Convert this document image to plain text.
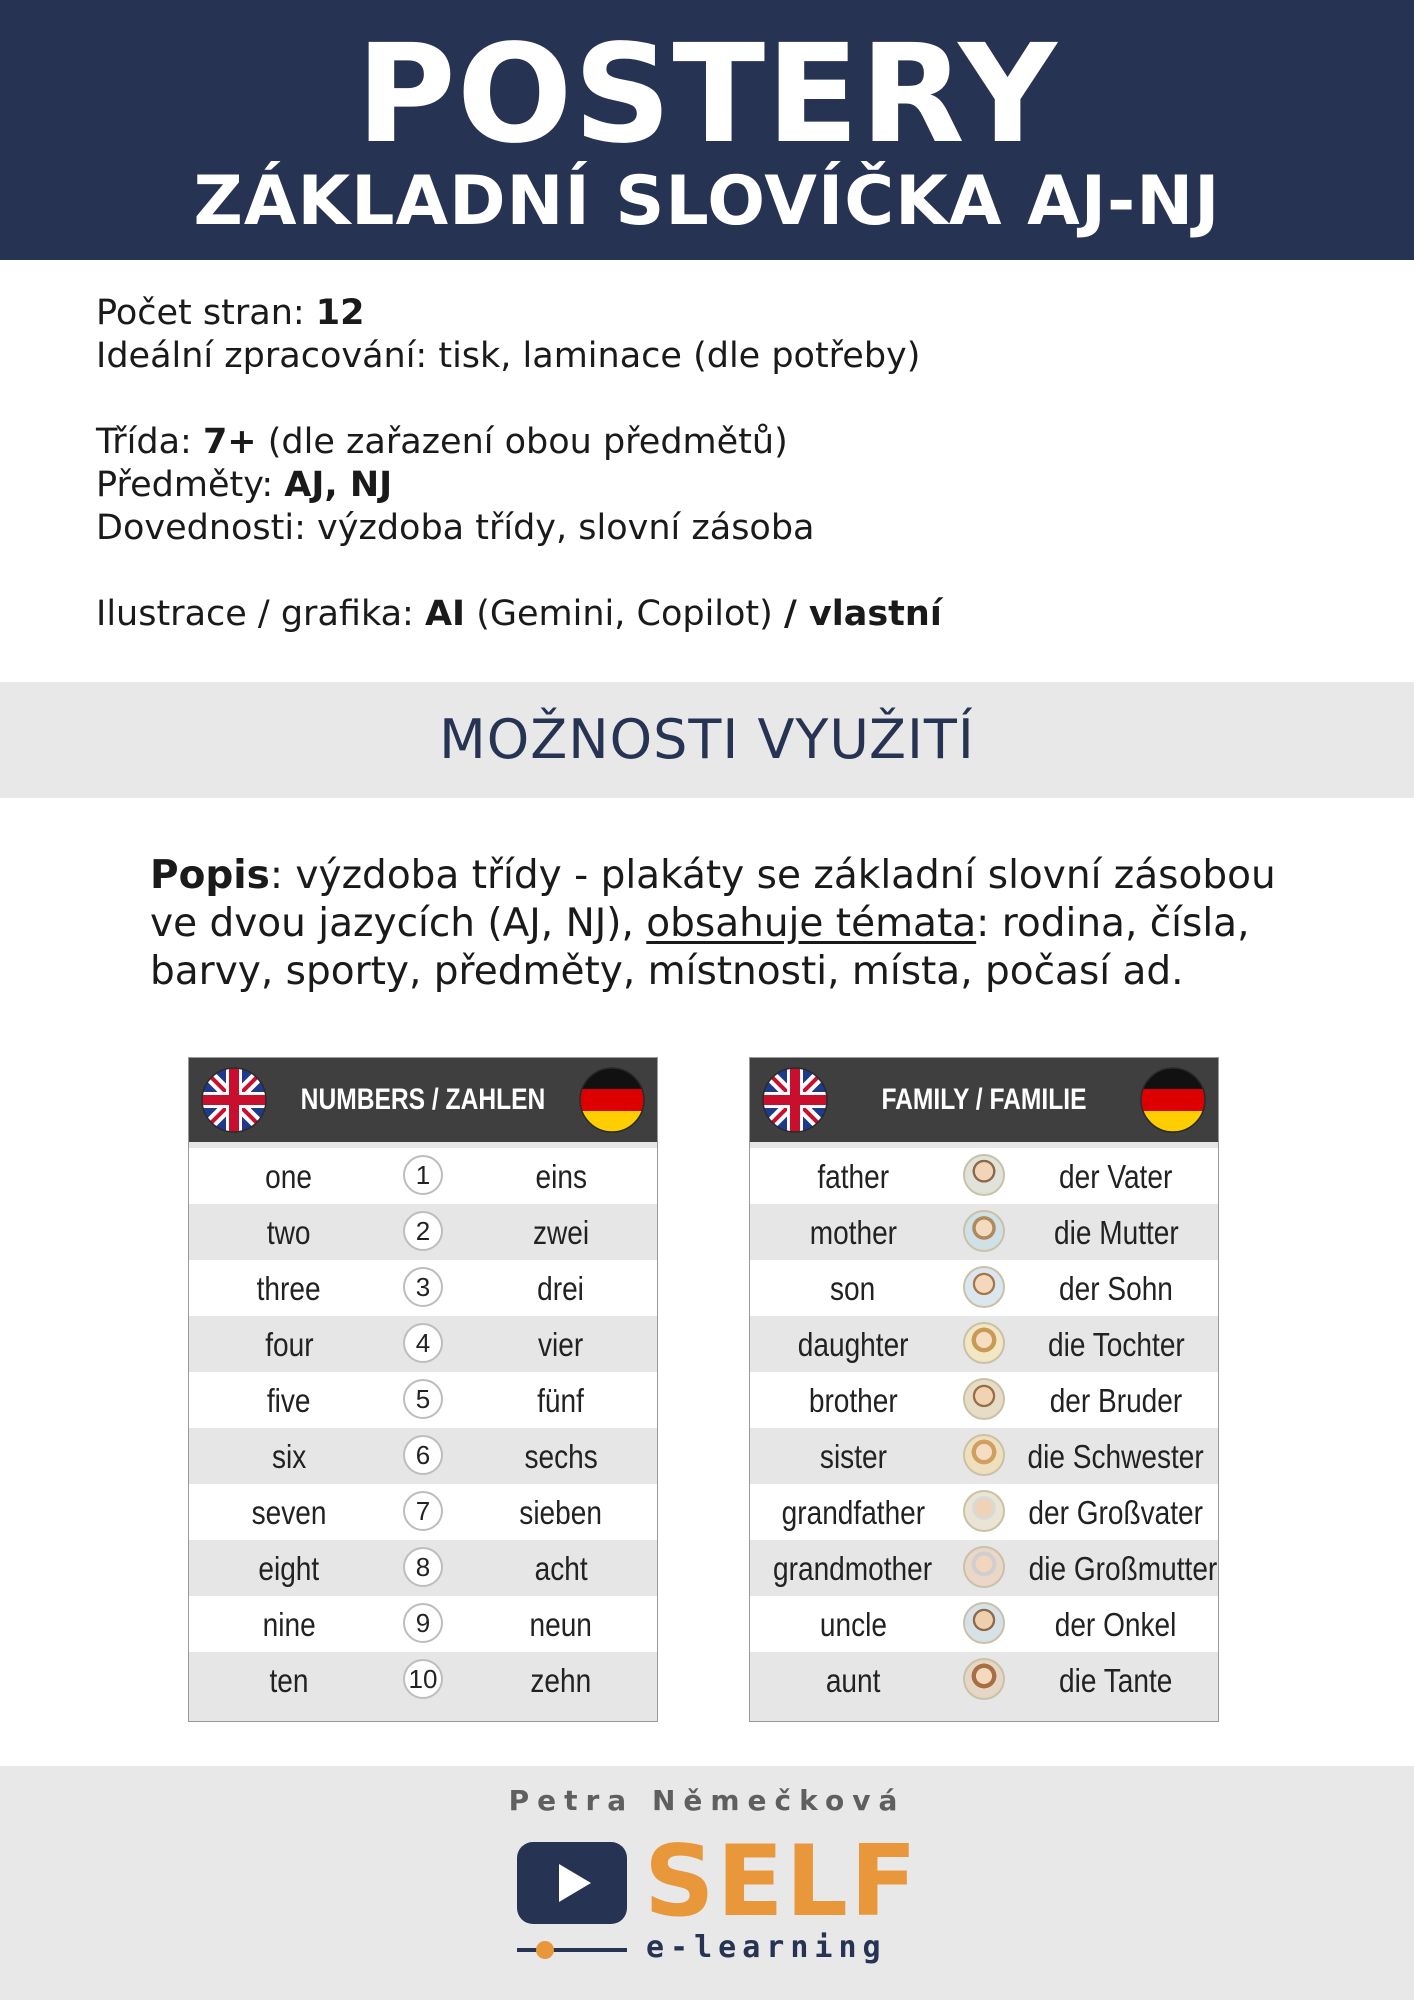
POSTERY
ZÁKLADNÍ SLOVÍČKA AJ-NJ
Počet stran: 12
Ideální zpracování: tisk, laminace (dle potřeby)
Třída: 7+ (dle zařazení obou předmětů)
Předměty: AJ, NJ
Dovednosti: výzdoba třídy, slovní zásoba
Ilustrace / grafika: AI (Gemini, Copilot) / vlastní
MOŽNOSTI VYUŽITÍ
Popis: výzdoba třídy - plakáty se základní slovní zásobou ve dvou jazycích (AJ, NJ), obsahuje témata: rodina, čísla, barvy, sporty, předměty, místnosti, místa, počasí ad.
NUMBERS / ZAHLEN
one	1	eins
two	2	zwei
three	3	drei
four	4	vier
five	5	fünf
six	6	sechs
seven	7	sieben
eight	8	acht
nine	9	neun
ten	10	zehn
FAMILY / FAMILIE
father	der Vater
mother	die Mutter
son	der Sohn
daughter	die Tochter
brother	der Bruder
sister	die Schwester
grandfather	der Großvater
grandmother	die Großmutter
uncle	der Onkel
aunt	die Tante
Petra Němečková
SELF
e-learning
